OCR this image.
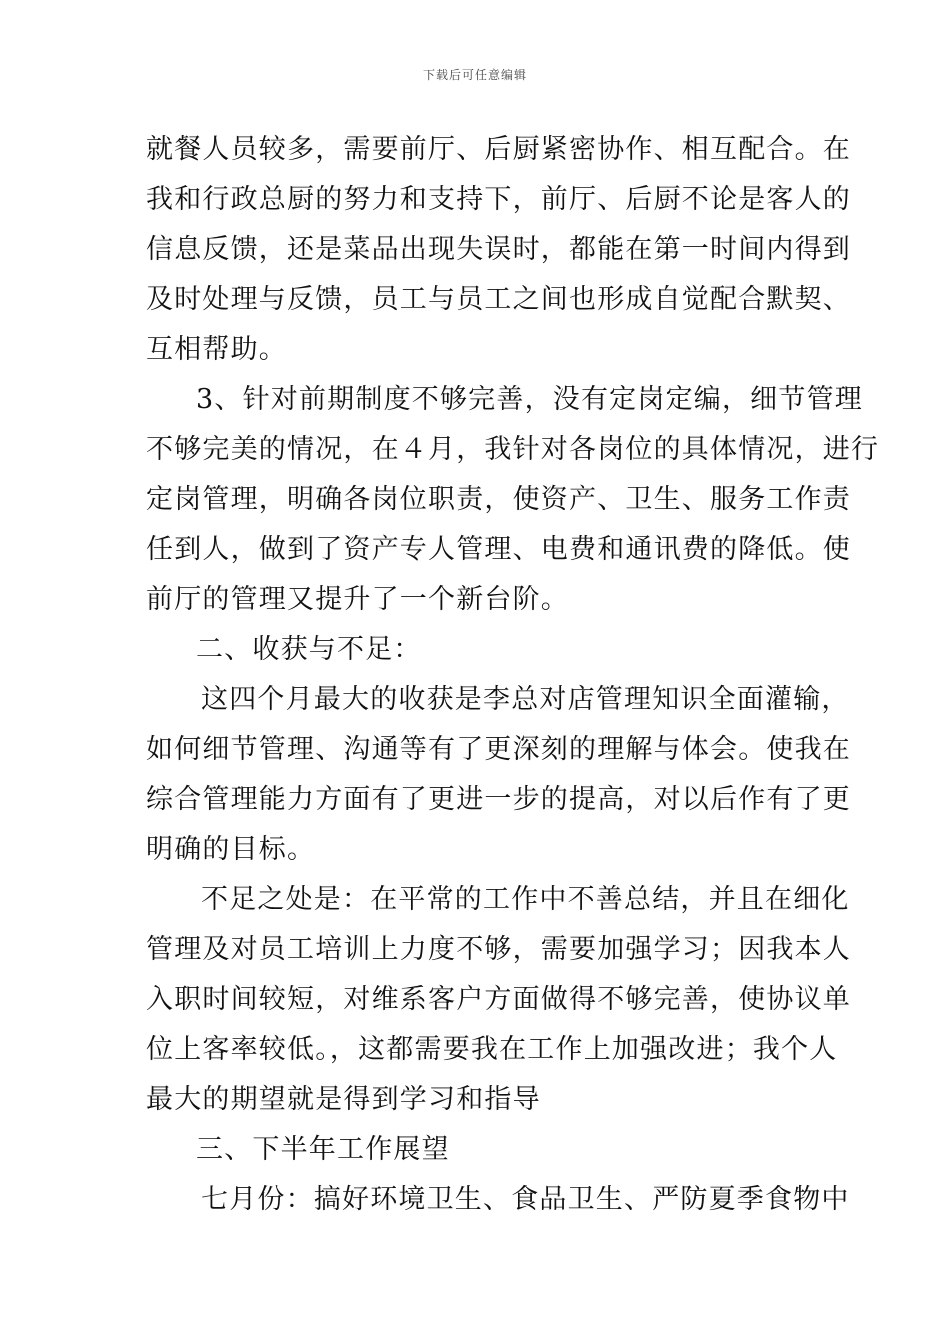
下载后可任意编辑
就餐人员较多，需要前厅、后厨紧密协作、相互配合。在
我和行政总厨的努力和支持下，前厅、后厨不论是客人的
信息反馈，还是菜品出现失误时，都能在第一时间内得到
及时处理与反馈，员工与员工之间也形成自觉配合默契、
互相帮助。
3、针对前期制度不够完善，没有定岗定编，细节管理
不够完美的情况，在４月，我针对各岗位的具体情况，进行
定岗管理，明确各岗位职责，使资产、卫生、服务工作责
任到人，做到了资产专人管理、电费和通讯费的降低。使
前厅的管理又提升了一个新台阶。
二、收获与不足：
这四个月最大的收获是李总对店管理知识全面灌输，
如何细节管理、沟通等有了更深刻的理解与体会。使我在
综合管理能力方面有了更进一步的提高，对以后作有了更
明确的目标。
不足之处是：在平常的工作中不善总结，并且在细化
管理及对员工培训上力度不够，需要加强学习；因我本人
入职时间较短，对维系客户方面做得不够完善，使协议单
位上客率较低。，这都需要我在工作上加强改进；我个人
最大的期望就是得到学习和指导
三、下半年工作展望
七月份：搞好环境卫生、食品卫生、严防夏季食物中
